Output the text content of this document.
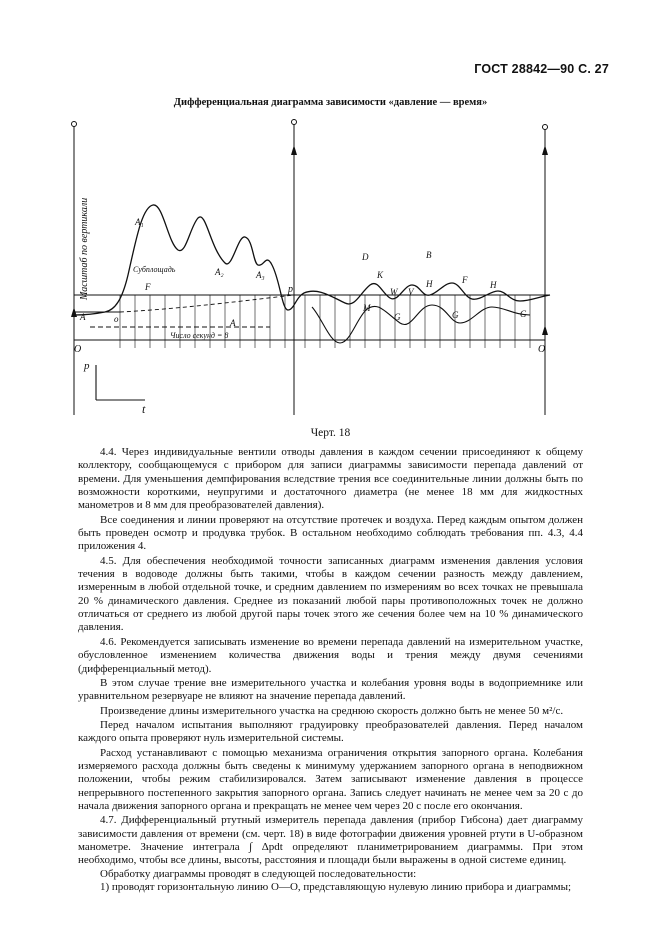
ГОСТ 28842—90 С. 27
Дифференциальная диаграмма зависимости «давление — время»
Масштаб по вертикали	Субплощадь
Число секунд = 8
A₁
A₂	A₃
A
A
F
F
O	O
o
p
p
t
D	B
K
M
W V
H	H
G	G	G
Черт. 18

4.4. Через индивидуальные вентили отводы давления в каждом сечении присоединяют к общему коллектору, сообщающемуся с прибором для записи диаграммы зависимости перепада давлений от времени. Для уменьшения демпфирования вследствие трения все соединительные линии должны быть по возможности короткими, неупругими и достаточного диаметра (не менее 18 мм для жидкостных манометров и 8 мм для преобразователей давления).

Все соединения и линии проверяют на отсутствие протечек и воздуха. Перед каждым опытом должен быть проведен осмотр и продувка трубок. В остальном необходимо соблюдать требования пп. 4.3, 4.4 приложения 4.

4.5. Для обеспечения необходимой точности записанных диаграмм изменения давления условия течения в водоводе должны быть такими, чтобы в каждом сечении разность между давлением, измеренным в любой отдельной точке, и средним давлением по измерениям во всех точках не превышала 20 % динамического давления. Среднее из показаний любой пары противоположных точек не должно отличаться от среднего из любой другой пары точек этого же сечения более чем на 10 % динамического давления.

4.6. Рекомендуется записывать изменение во времени перепада давлений на измерительном участке, обусловленное изменением количества движения воды и трения между двумя сечениями (дифференциальный метод).

В этом случае трение вне измерительного участка и колебания уровня воды в водоприемнике или уравнительном резервуаре не влияют на значение перепада давлений.

Произведение длины измерительного участка на среднюю скорость должно быть не менее 50 м²/с.

Перед началом испытания выполняют градуировку преобразователей давления. Перед началом каждого опыта проверяют нуль измерительной системы.

Расход устанавливают с помощью механизма ограничения открытия запорного органа. Колебания измеряемого расхода должны быть сведены к минимуму удержанием запорного органа в неподвижном положении, чтобы режим стабилизировался. Затем записывают изменение давления в процессе непрерывного постепенного закрытия запорного органа. Запись следует начинать не менее чем за 20 с до начала движения запорного органа и прекращать не менее чем через 20 с после его окончания.

4.7. Дифференциальный ртутный измеритель перепада давления (прибор Гибсона) дает диаграмму зависимости давления от времени (см. черт. 18) в виде фотографии движения уровней ртути в U-образном манометре. Значение интеграла ∫ Δpdt определяют планиметрированием диаграммы. При этом необходимо, чтобы все длины, высоты, расстояния и площади были выражены в одной системе единиц.

Обработку диаграммы проводят в следующей последовательности:

1) проводят горизонтальную линию O—O, представляющую нулевую линию прибора и диаграммы;
